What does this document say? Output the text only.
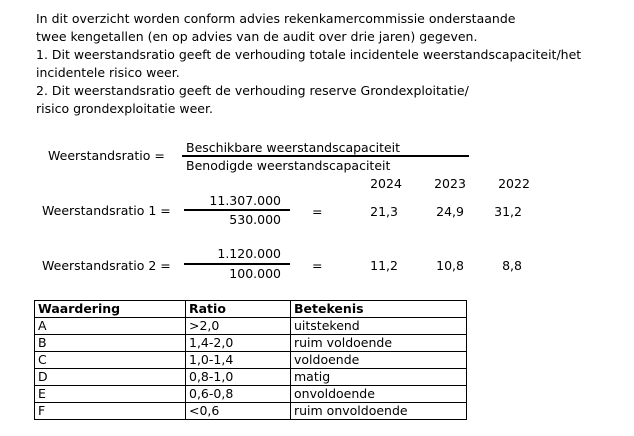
In dit overzicht worden conform advies rekenkamercommissie onderstaande
twee kengetallen (en op advies van de audit over drie jaren) gegeven.
1. Dit weerstandsratio geeft de verhouding totale incidentele weerstandscapaciteit/het
incidentele risico weer.
2. Dit weerstandsratio geeft de verhouding reserve Grondexploitatie/
risico grondexploitatie weer.
Weerstandsratio =
Beschikbare weerstandscapaciteit
Benodigde weerstandscapaciteit
2024	2023	2022
Weerstandsratio 1 =
11.307.000
530.000
=	21,3	24,9	31,2
Weerstandsratio 2 =
1.120.000
100.000
=	11,2	10,8	8,8
Waardering	Ratio	Betekenis
A	>2,0	uitstekend
B	1,4-2,0	ruim voldoende
C	1,0-1,4	voldoende
D	0,8-1,0	matig
E	0,6-0,8	onvoldoende
F	<0,6	ruim onvoldoende
